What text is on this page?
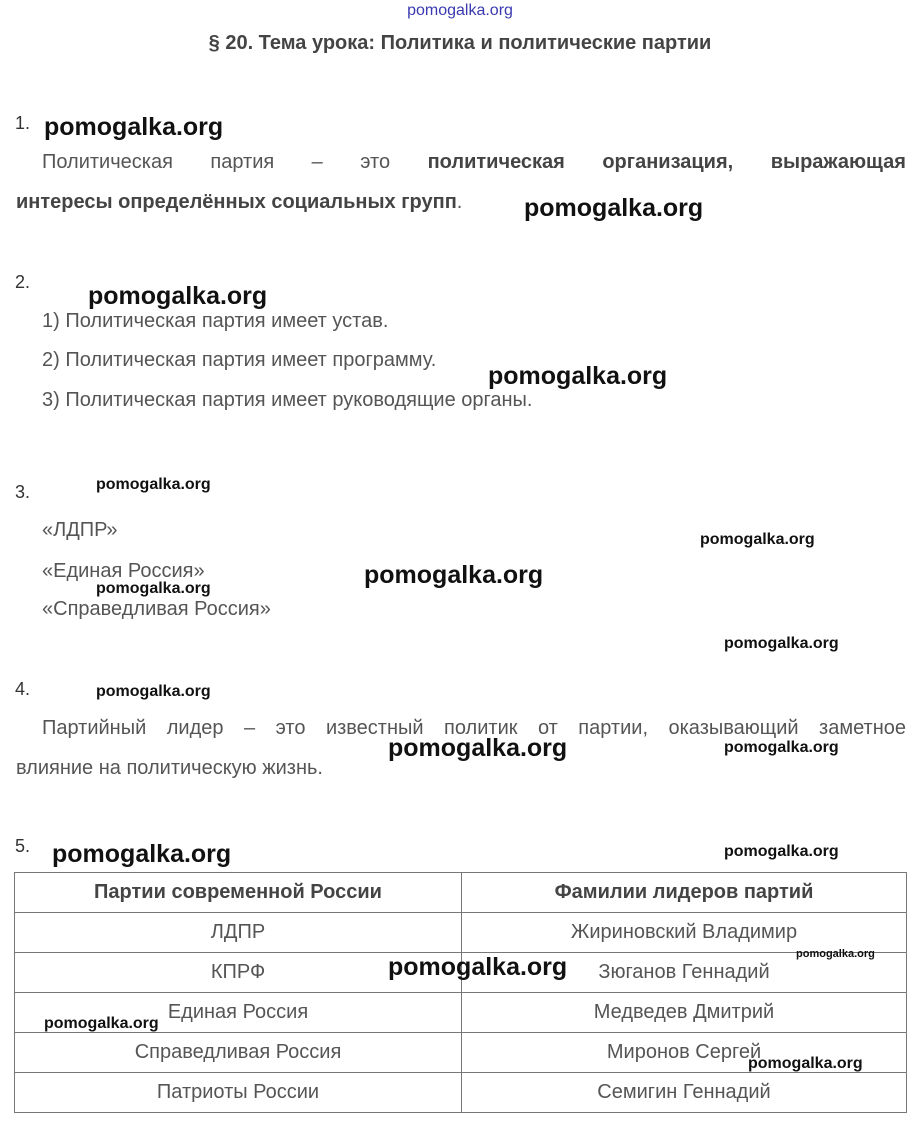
pomogalka.org
§ 20. Тема урока: Политика и политические партии
1.
Политическая партия – это политическая организация, выражающая
интересы определённых социальных групп.
2.
1) Политическая партия имеет устав.
2) Политическая партия имеет программу.
3) Политическая партия имеет руководящие органы.
3.
«ЛДПР»
«Единая Россия»
«Справедливая Россия»
4.
Партийный лидер – это известный политик от партии, оказывающий заметное
влияние на политическую жизнь.
5.
Партии современной России	Фамилии лидеров партий
ЛДПР	Жириновский Владимир
КПРФ	Зюганов Геннадий
Единая Россия	Медведев Дмитрий
Справедливая Россия	Миронов Сергей
Патриоты России	Семигин Геннадий
pomogalka.org
pomogalka.org
pomogalka.org
pomogalka.org
pomogalka.org
pomogalka.org
pomogalka.org
pomogalka.org
pomogalka.org
pomogalka.org
pomogalka.org	pomogalka.org
pomogalka.org	pomogalka.org
pomogalka.org
pomogalka.org
pomogalka.org
pomogalka.org
